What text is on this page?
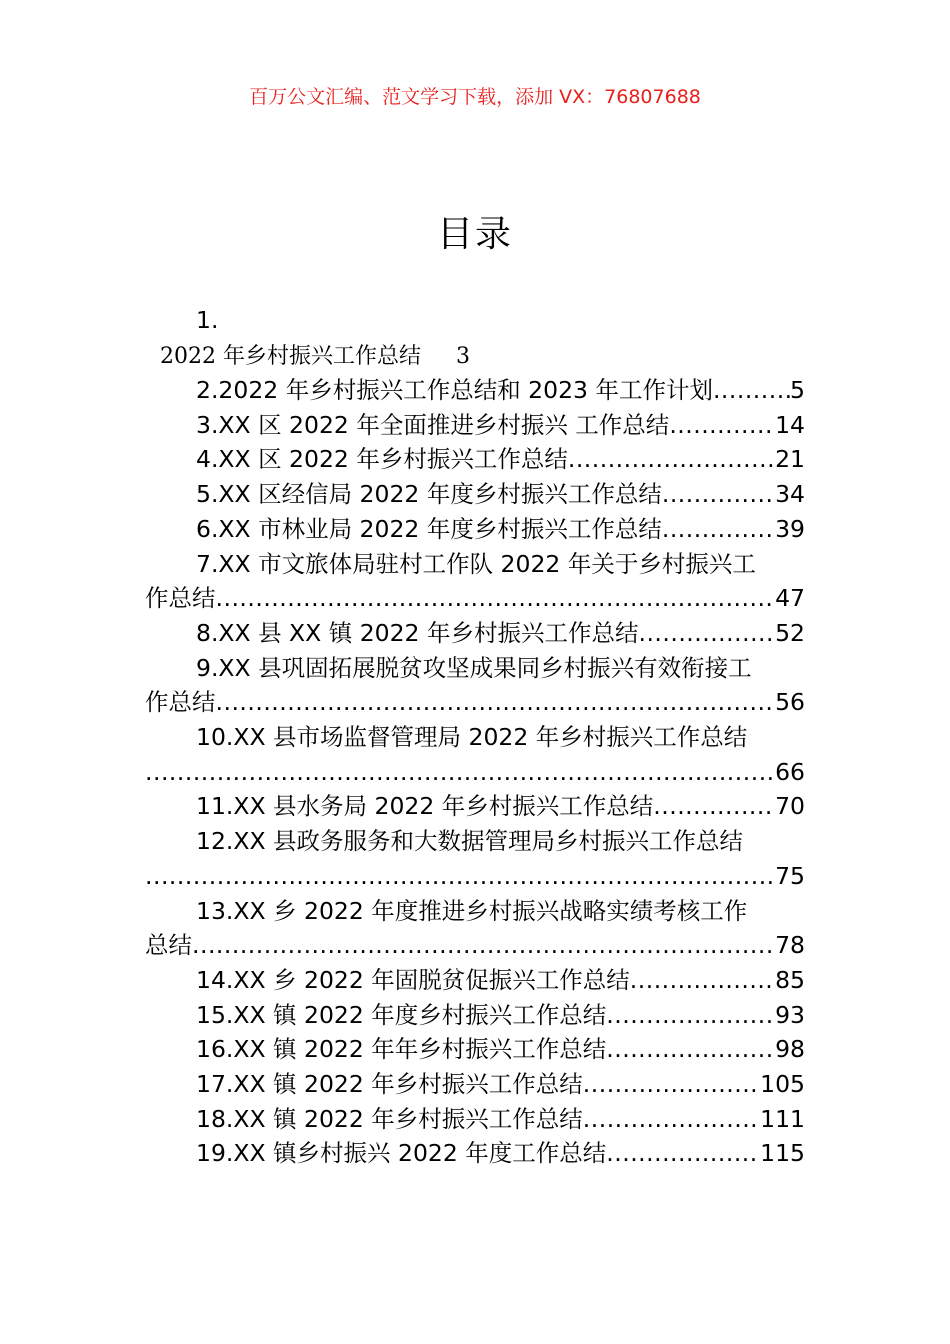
百万公文汇编、范文学习下载，添加 VX：76807688
目录
1.
2022 年乡村振兴工作总结 3
2.2022 年乡村振兴工作总结和 2023 年工作计划 .....	5
3.XX 区 2022 年全面推进乡村振兴 工作总结 .....	14
4.XX 区 2022 年乡村振兴工作总结 .....	21
5.XX 区经信局 2022 年度乡村振兴工作总结 .....	34
6.XX 市林业局 2022 年度乡村振兴工作总结 .....	39
7.XX 市文旅体局驻村工作队 2022 年关于乡村振兴工
作总结 .....	47
8.XX 县 XX 镇 2022 年乡村振兴工作总结 .....	52
9.XX 县巩固拓展脱贫攻坚成果同乡村振兴有效衔接工
作总结 .....	56
10.XX 县市场监督管理局 2022 年乡村振兴工作总结
.....
66
11.XX 县水务局 2022 年乡村振兴工作总结 .....	70
12.XX 县政务服务和大数据管理局乡村振兴工作总结
.....
75
13.XX 乡 2022 年度推进乡村振兴战略实绩考核工作
总结 .....	78
14.XX 乡 2022 年固脱贫促振兴工作总结 .....	85
15.XX 镇 2022 年度乡村振兴工作总结 .....	93
16.XX 镇 2022 年年乡村振兴工作总结 .....	98
17.XX 镇 2022 年乡村振兴工作总结 .....	105
18.XX 镇 2022 年乡村振兴工作总结 .....	111
19.XX 镇乡村振兴 2022 年度工作总结 .....	115
